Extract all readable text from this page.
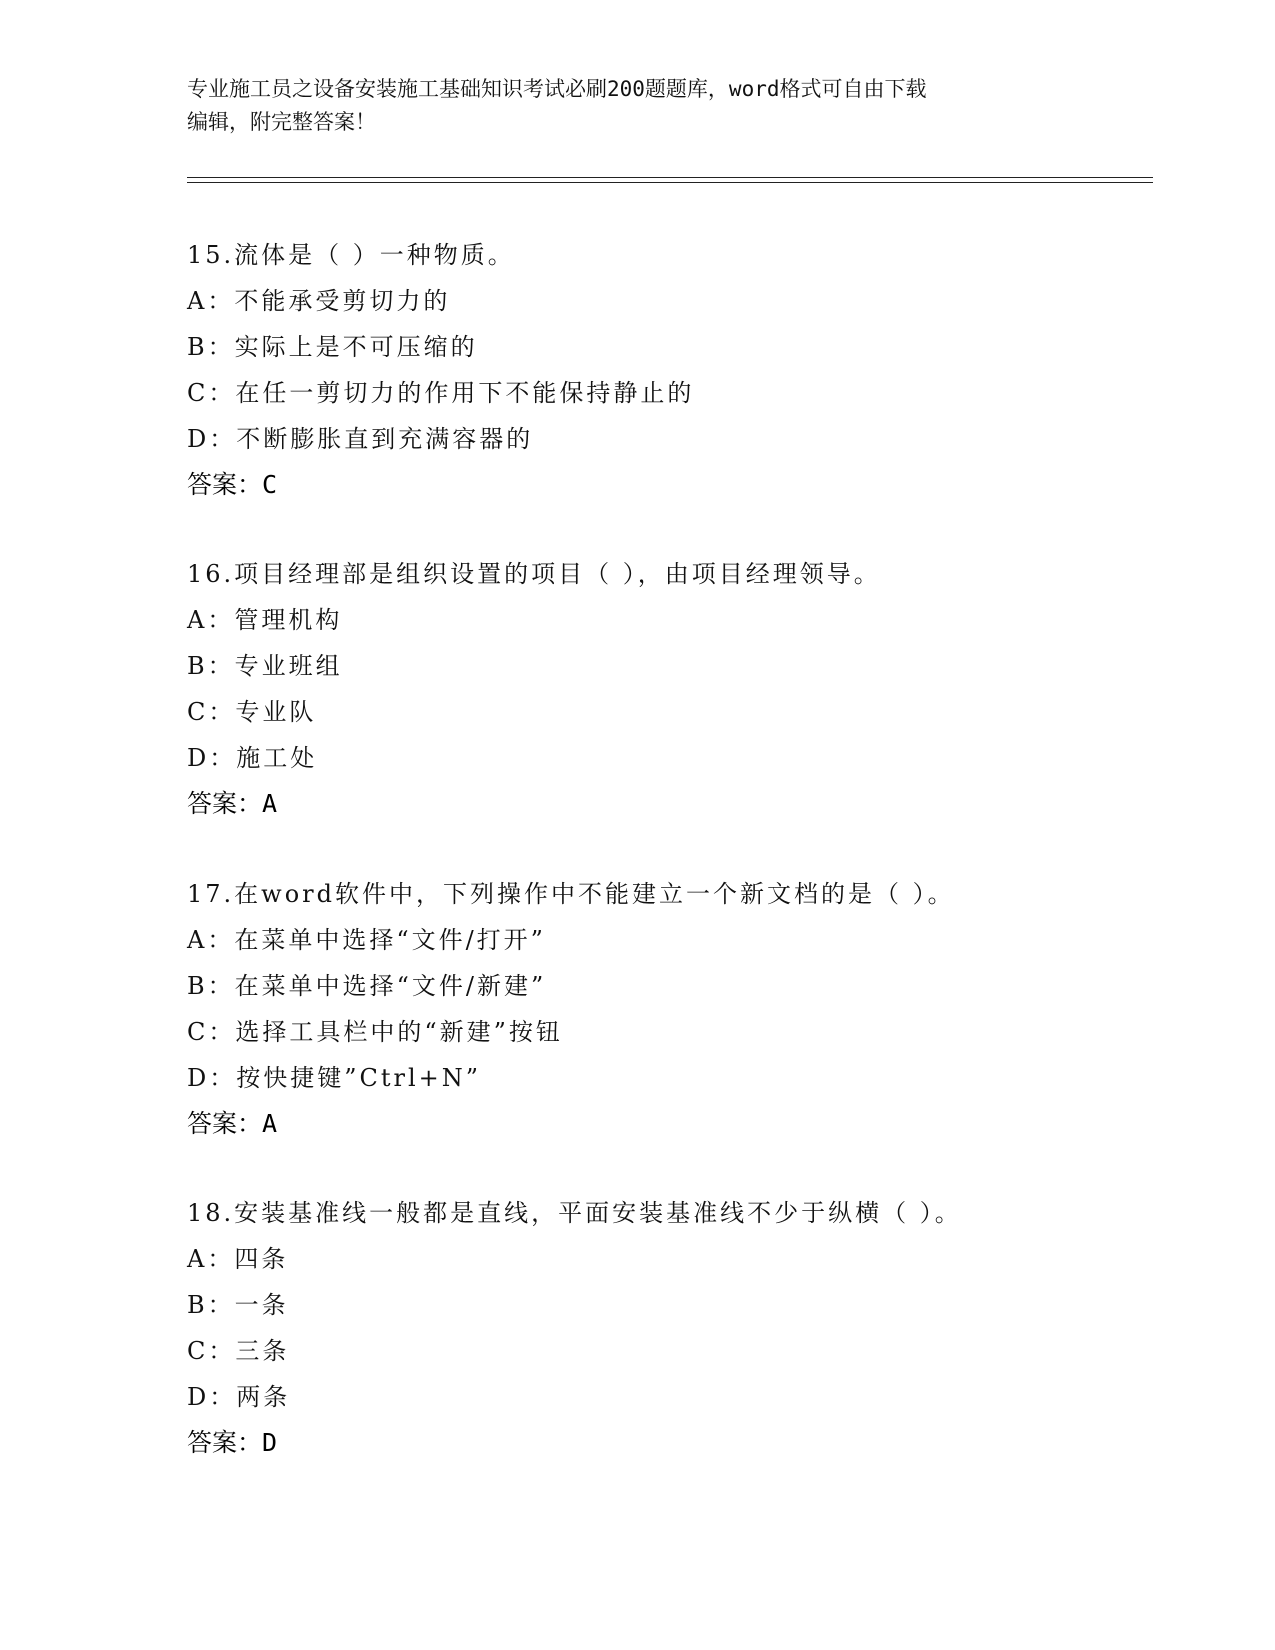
专业施工员之设备安装施工基础知识考试必刷200题题库，word格式可自由下载
编辑，附完整答案！
15.流体是（ ）一种物质。
A：不能承受剪切力的
B：实际上是不可压缩的
C：在任一剪切力的作用下不能保持静止的
D：不断膨胀直到充满容器的
答案：C
16.项目经理部是组织设置的项目（ ），由项目经理领导。
A：管理机构
B：专业班组
C：专业队
D：施工处
答案：A
17.在word软件中，下列操作中不能建立一个新文档的是（ ）。
A：在菜单中选择“文件/打开”
B：在菜单中选择“文件/新建”
C：选择工具栏中的“新建”按钮
D：按快捷键”Ctrl+N”
答案：A
18.安装基准线一般都是直线，平面安装基准线不少于纵横（ ）。
A：四条
B：一条
C：三条
D：两条
答案：D
